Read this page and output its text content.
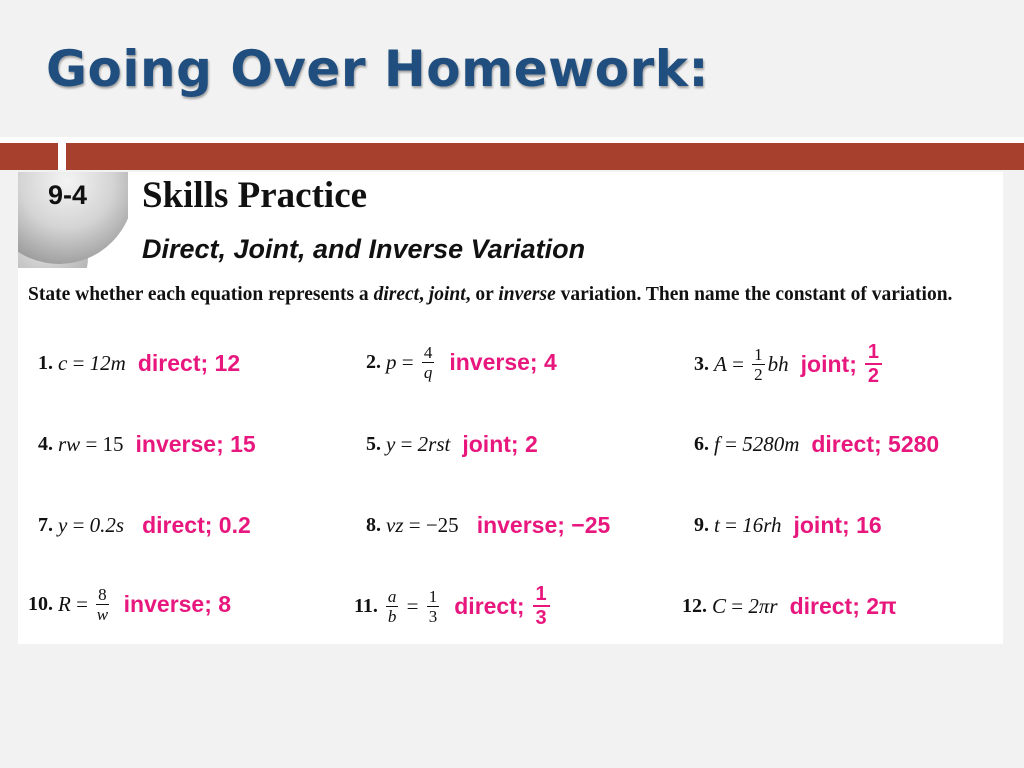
Going Over Homework:
9-4 Skills Practice
Direct, Joint, and Inverse Variation
State whether each equation represents a direct, joint, or inverse variation. Then name the constant of variation.
1. c = 12m direct; 12	2. $p = \frac{4}{q}$ inverse; 4	3. $A = \frac{1}{2}$ bh joint; $\frac{1}{2}$
4. rw = 15 inverse; 15	5. y = 2rst joint; 2	6. f = 5280m direct; 5280
7. y = 0.2s direct; 0.2	8. vz = −25 inverse; −25	9. t = 16rh joint; 16
10. $R = \frac{8}{w}$ inverse; 8	11. $\frac{a}{b} = \frac{1}{3}$ direct; $\frac{1}{3}$	12. C = 2πr direct; 2π
